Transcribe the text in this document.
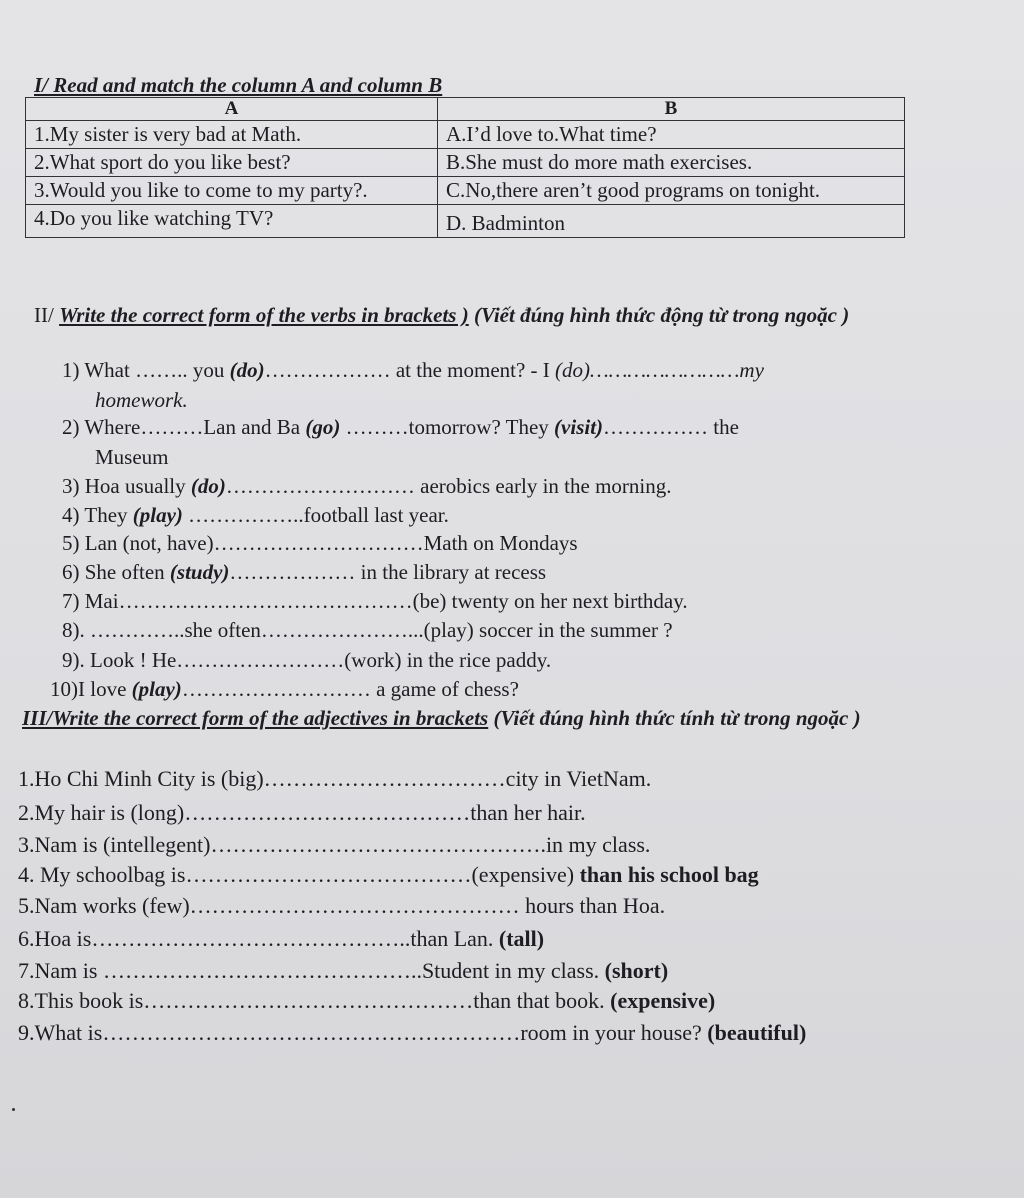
I/ Read and match the column A and column B
A	B
1.My sister is very bad at Math.	A.I’d love to.What time?
2.What sport do you like best?	B.She must do more math exercises.
3.Would you like to come to my party?.	C.No,there aren’t good programs on tonight.
4.Do you like watching TV?	D. Badminton
II/ Write the correct form of the verbs in brackets ) (Viết đúng hình thức động từ trong ngoặc )
1) What …….. you (do)……………… at the moment? - I (do)……………………my
homework.
2) Where………Lan and Ba (go) ………tomorrow? They (visit)…………… the
Museum
3) Hoa usually (do)……………………… aerobics early in the morning.
4) They (play) ……………..football last year.
5) Lan (not, have)…………………………Math on Mondays
6) She often (study)……………… in the library at recess
7) Mai……………………………………(be) twenty on her next birthday.
8). …………..she often…………………...(play) soccer in the summer ?
9). Look ! He……………………(work) in the rice paddy.
10)I love (play)……………………… a game of chess?
III/Write the correct form of the adjectives in brackets (Viết đúng hình thức tính từ trong ngoặc )
1.Ho Chi Minh City is (big)……………………………city in VietNam.
2.My hair is (long)…………………………………than her hair.
3.Nam is (intellegent)……………………………………….in my class.
4. My schoolbag is…………………………………(expensive) than his school bag
5.Nam works (few)……………………………………… hours than Hoa.
6.Hoa is……………………………………..than Lan. (tall)
7.Nam is ……………………………………..Student in my class. (short)
8.This book is………………………………………than that book. (expensive)
9.What is…………………………………………………room in your house? (beautiful)
